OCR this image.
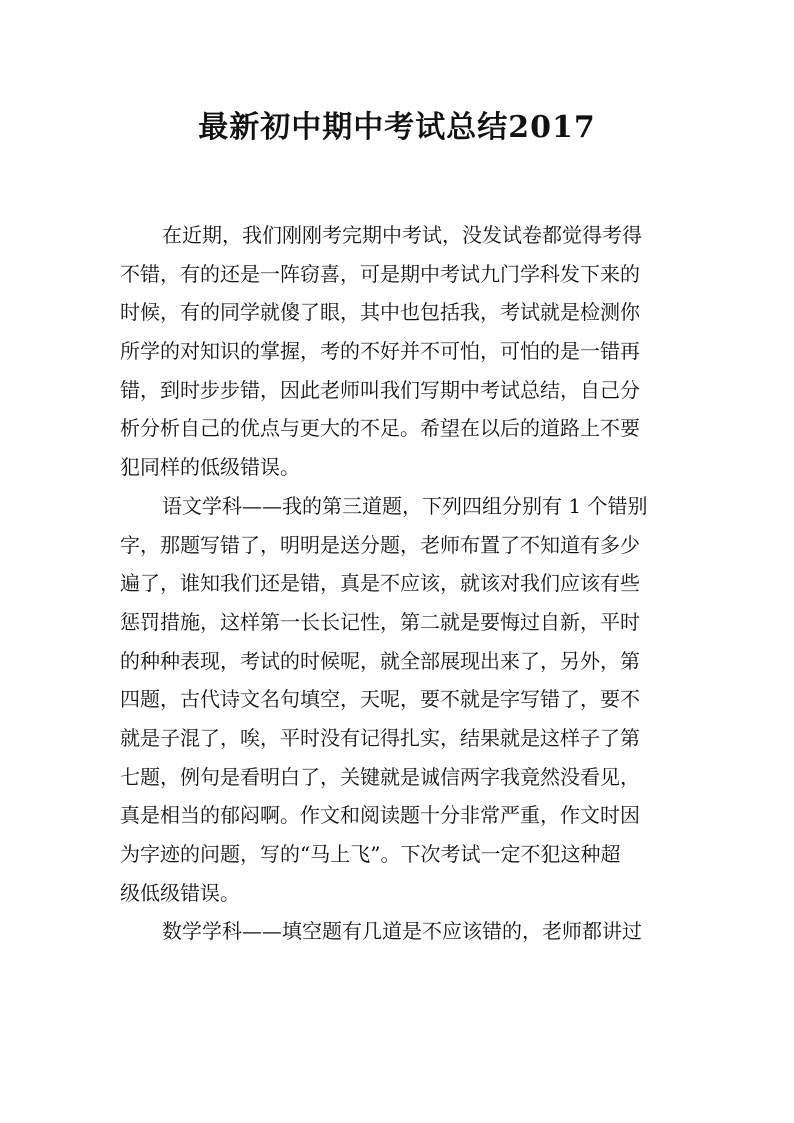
最新初中期中考试总结2017
在近期，我们刚刚考完期中考试，没发试卷都觉得考得
不错，有的还是一阵窃喜，可是期中考试九门学科发下来的
时候，有的同学就傻了眼，其中也包括我，考试就是检测你
所学的对知识的掌握，考的不好并不可怕，可怕的是一错再
错，到时步步错，因此老师叫我们写期中考试总结，自己分
析分析自己的优点与更大的不足。希望在以后的道路上不要
犯同样的低级错误。
语文学科——我的第三道题，下列四组分别有 1 个错别
字，那题写错了，明明是送分题，老师布置了不知道有多少
遍了，谁知我们还是错，真是不应该，就该对我们应该有些
惩罚措施，这样第一长长记性，第二就是要悔过自新，平时
的种种表现，考试的时候呢，就全部展现出来了，另外，第
四题，古代诗文名句填空，天呢，要不就是字写错了，要不
就是子混了，唉，平时没有记得扎实，结果就是这样子了第
七题，例句是看明白了，关键就是诚信两字我竟然没看见，
真是相当的郁闷啊。作文和阅读题十分非常严重，作文时因
为字迹的问题，写的“马上飞”。下次考试一定不犯这种超
级低级错误。
数学学科——填空题有几道是不应该错的，老师都讲过
